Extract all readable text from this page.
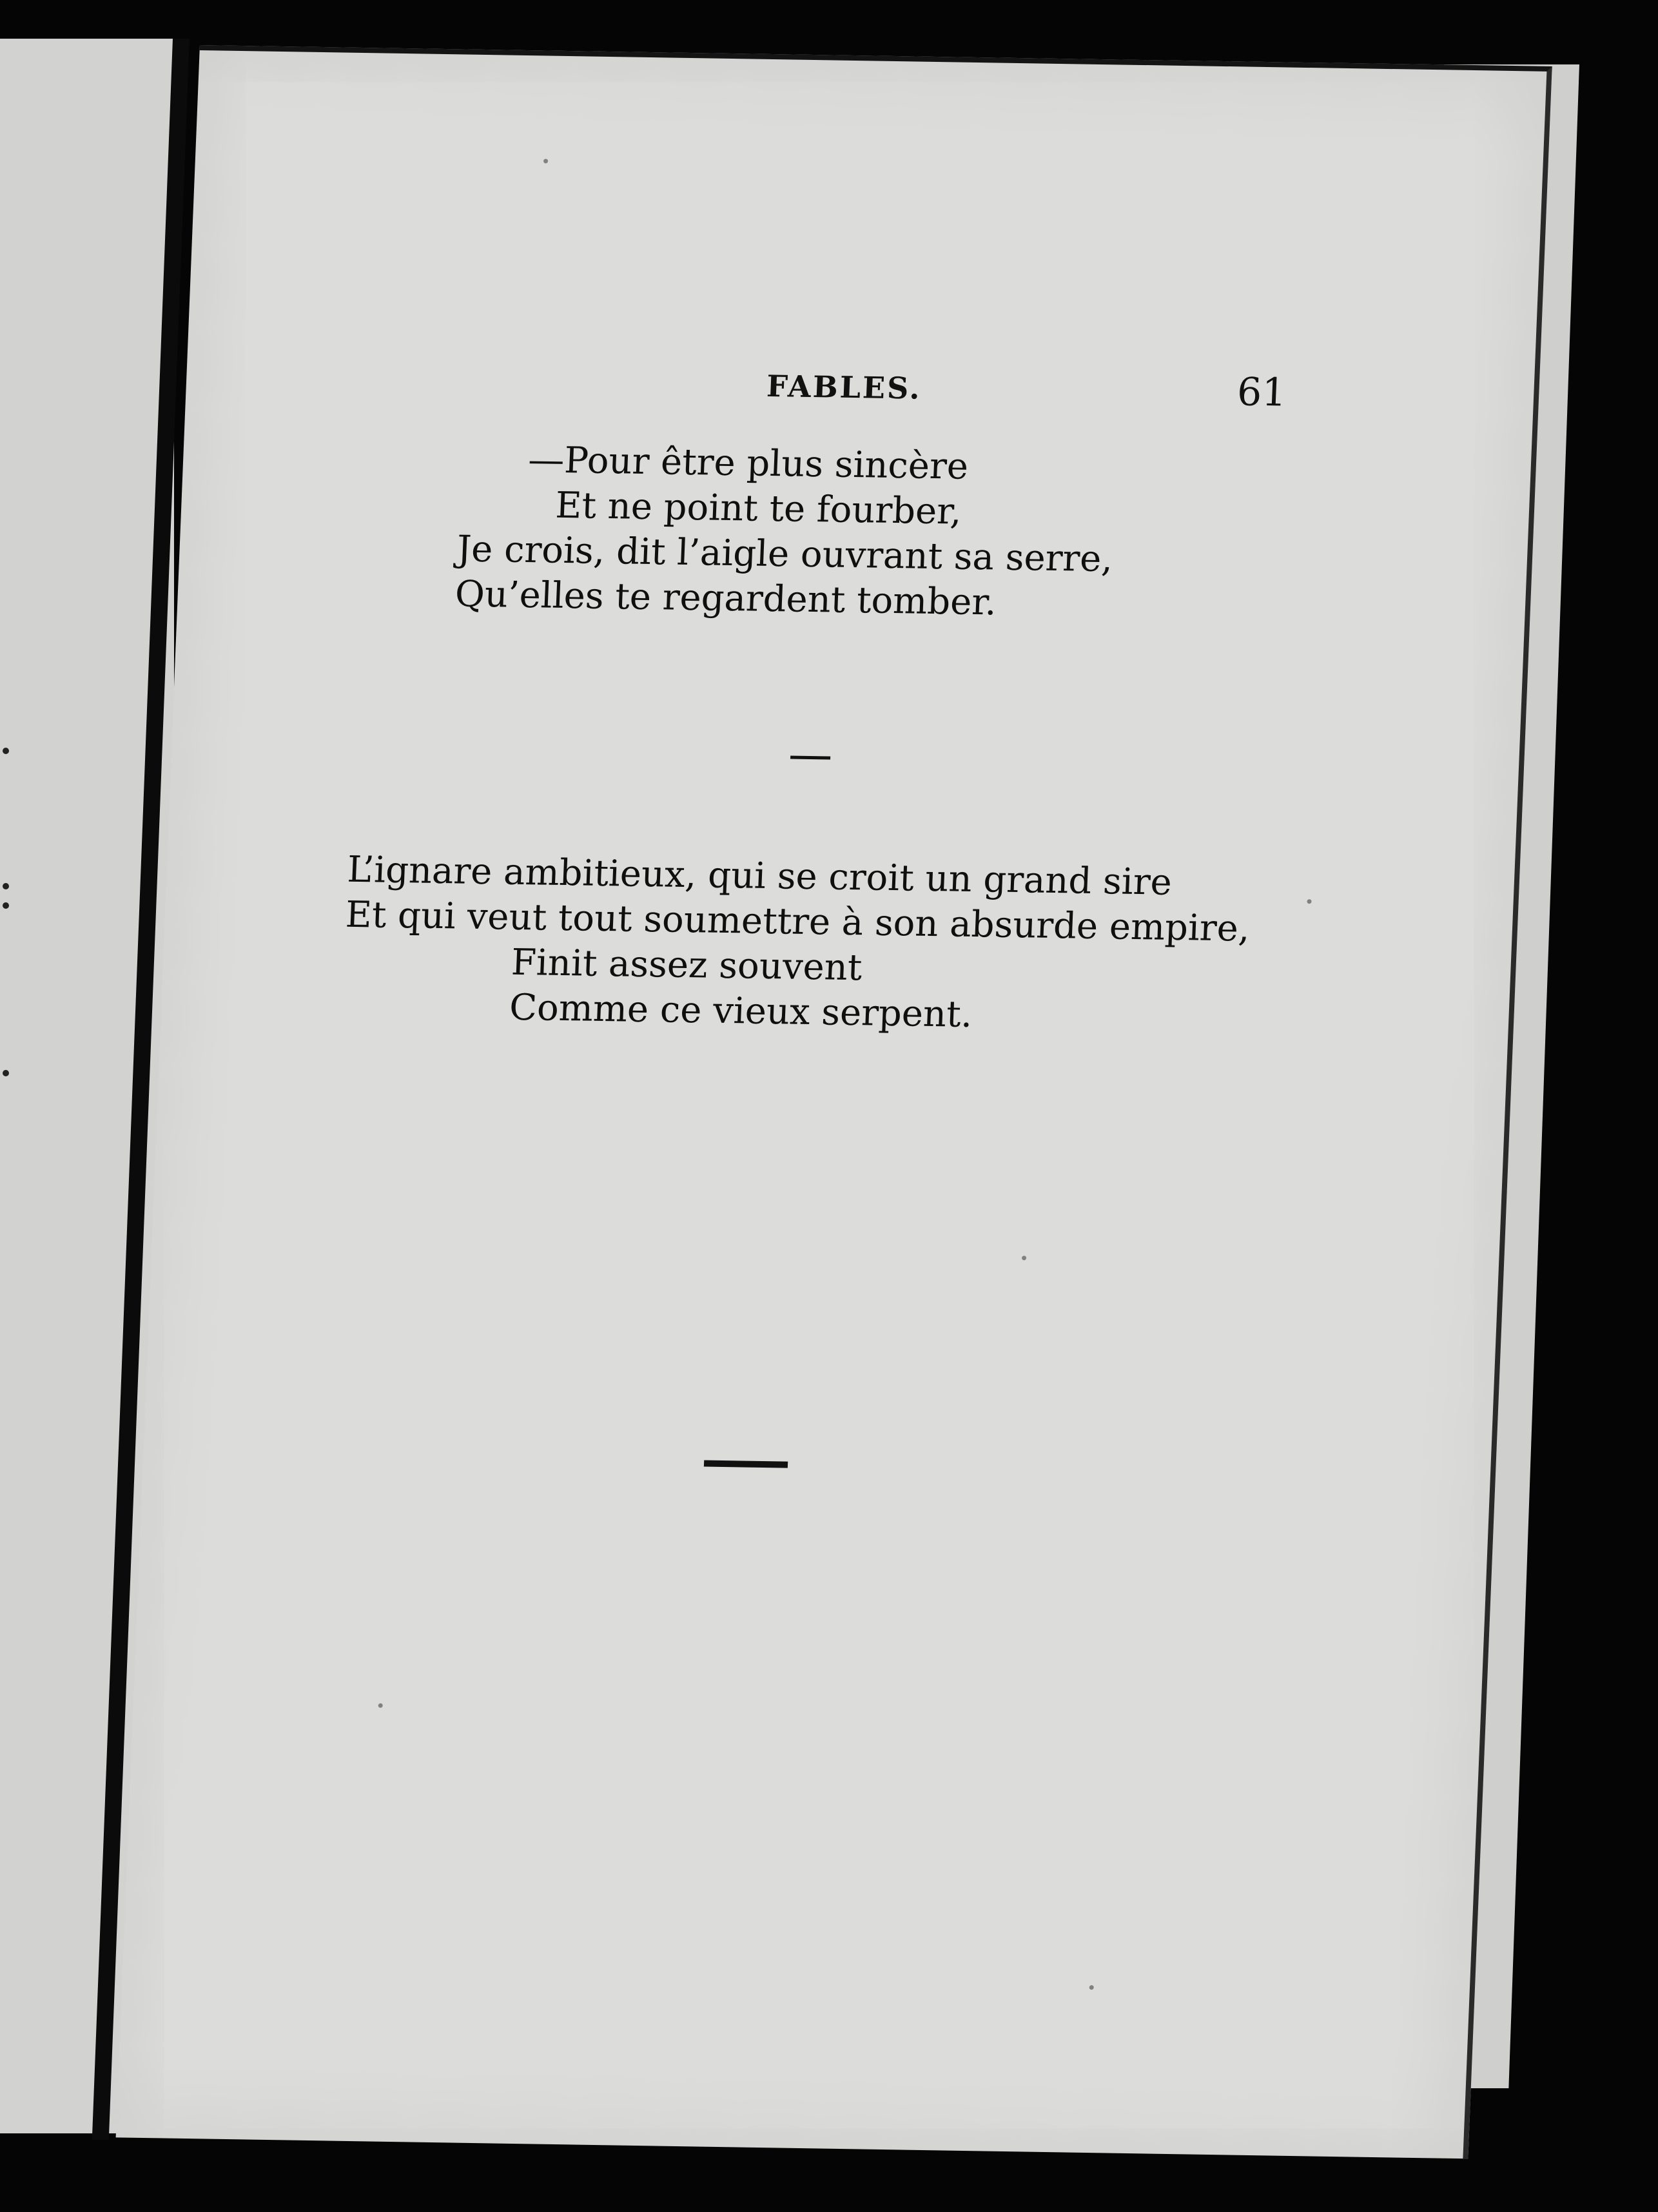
FABLES.	61
—Pour être plus sincère
Et ne point te fourber,
Je crois, dit l’aigle ouvrant sa serre,
Qu’elles te regardent tomber.
L’ignare ambitieux, qui se croit un grand sire
Et qui veut tout soumettre à son absurde empire,
Finit assez souvent
Comme ce vieux serpent.
